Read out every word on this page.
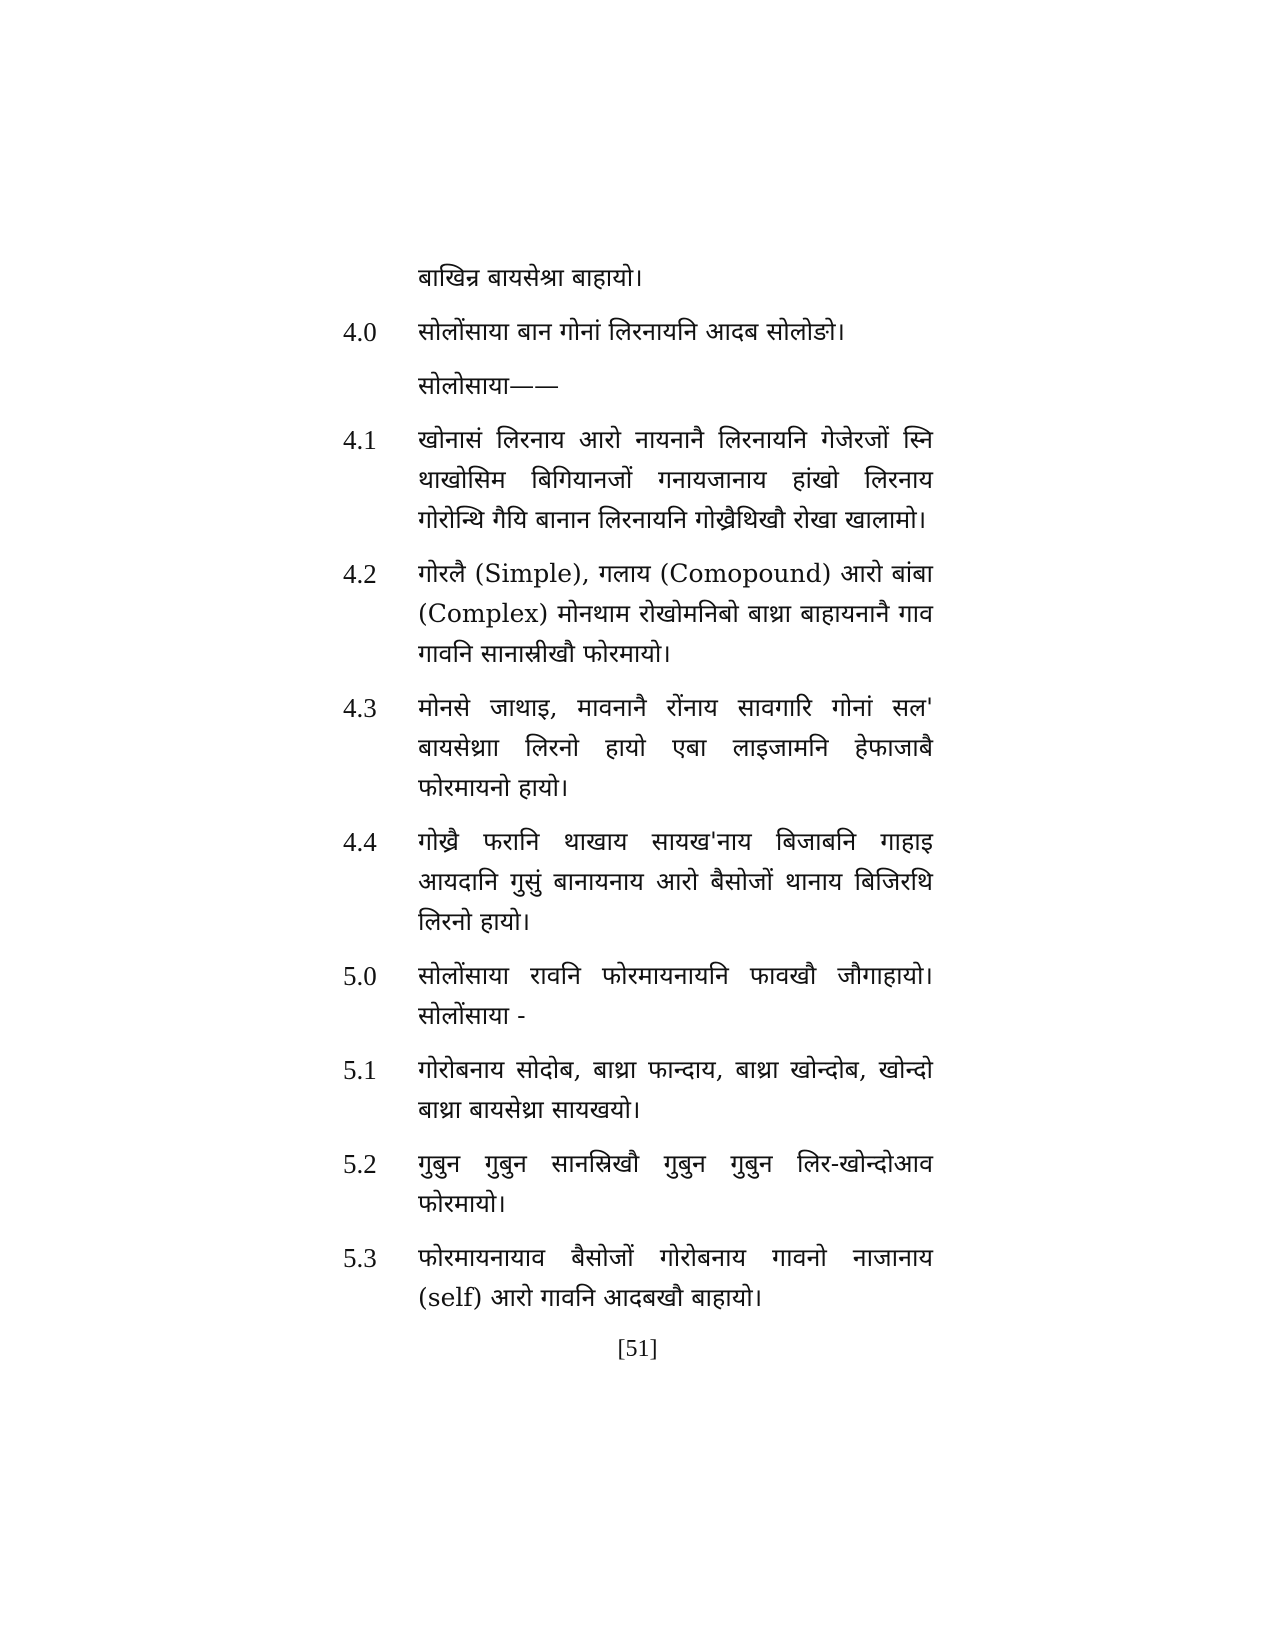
बाखिन्र बायसेश्रा बाहायो।
4.0	सोलोंसाया बान गोनां लिरनायनि आदब सोलोङो।
सोलोसाया——
4.1	खोनासं लिरनाय आरो नायनानै लिरनायनि गेजेरजों स्नि थाखोसिम बिगियानजों गनायजानाय हांखो लिरनाय गोरोन्थि गैयि बानान लिरनायनि गोख्रैथिखौ रोखा खालामो।
4.2	गोरलै (Simple), गलाय (Comopound) आरो बांबा (Complex) मोनथाम रोखोमनिबो बाथ्रा बाहायनानै गाव गावनि सानास्रीखौ फोरमायो।
4.3	मोनसे जाथाइ, मावनानै रोंनाय सावगारि गोनां सल' बायसेथ्राा लिरनो हायो एबा लाइजामनि हेफाजाबै फोरमायनो हायो।
4.4	गोख्रै फरानि थाखाय सायख'नाय बिजाबनि गाहाइ आयदानि गुसुं बानायनाय आरो बैसोजों थानाय बिजिरथि लिरनो हायो।
5.0	सोलोंसाया रावनि फोरमायनायनि फावखौ जौगाहायो। सोलोंसाया -
5.1	गोरोबनाय सोदोब, बाथ्रा फान्दाय, बाथ्रा खोन्दोब, खोन्दो बाथ्रा बायसेथ्रा सायखयो।
5.2	गुबुन गुबुन सानस्रिखौ गुबुन गुबुन लिर-खोन्दोआव फोरमायो।
5.3	फोरमायनायाव बैसोजों गोरोबनाय गावनो नाजानाय (self) आरो गावनि आदबखौ बाहायो।
[51]
